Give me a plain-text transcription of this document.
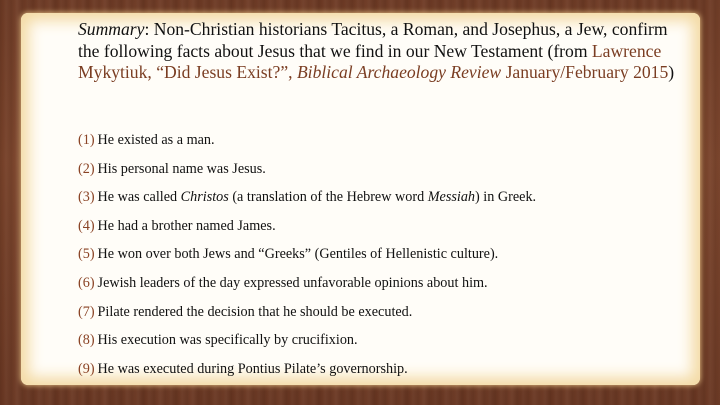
Summary: Non-Christian historians Tacitus, a Roman, and Josephus, a Jew, confirm the following facts about Jesus that we find in our New Testament (from Lawrence Mykytiuk, “Did Jesus Exist?”, Biblical Archaeology Review January/February 2015)
(1) He existed as a man.
(2) His personal name was Jesus.
(3) He was called Christos (a translation of the Hebrew word Messiah) in Greek.
(4) He had a brother named James.
(5) He won over both Jews and “Greeks” (Gentiles of Hellenistic culture).
(6) Jewish leaders of the day expressed unfavorable opinions about him.
(7) Pilate rendered the decision that he should be executed.
(8) His execution was specifically by crucifixion.
(9) He was executed during Pontius Pilate’s governorship.
